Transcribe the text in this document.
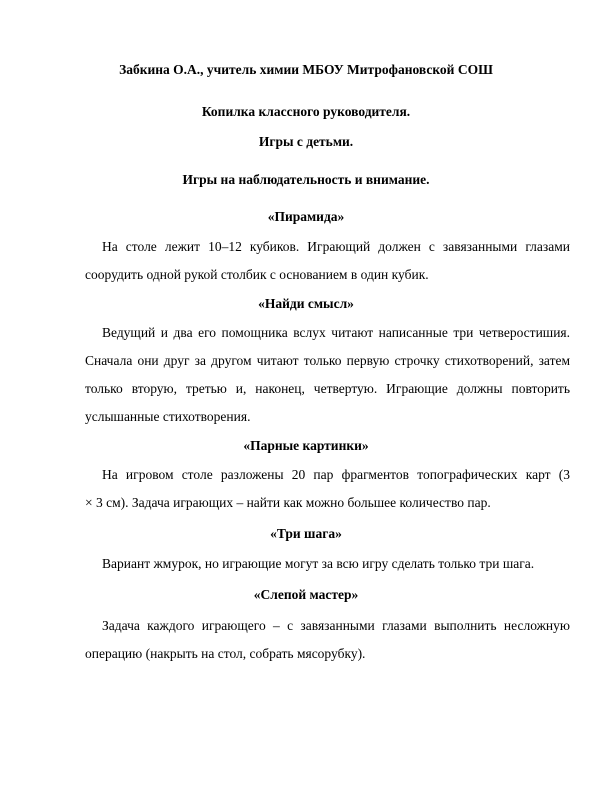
Забкина О.А., учитель химии МБОУ Митрофановской СОШ
Копилка классного руководителя.
Игры с детьми.
Игры на наблюдательность и внимание.
«Пирамида»
На столе лежит 10–12 кубиков. Играющий должен с завязанными глазами
соорудить одной рукой столбик с основанием в один кубик.
«Найди смысл»
Ведущий и два его помощника вслух читают написанные три четверостишия.
Сначала они друг за другом читают только первую строчку стихотворений, затем
только вторую, третью и, наконец, четвертую. Играющие должны повторить
услышанные стихотворения.
«Парные картинки»
На игровом столе разложены 20 пар фрагментов топографических карт (3
× 3 см). Задача играющих – найти как можно большее количество пар.
«Три шага»
Вариант жмурок, но играющие могут за всю игру сделать только три шага.
«Слепой мастер»
Задача каждого играющего – с завязанными глазами выполнить несложную
операцию (накрыть на стол, собрать мясорубку).
